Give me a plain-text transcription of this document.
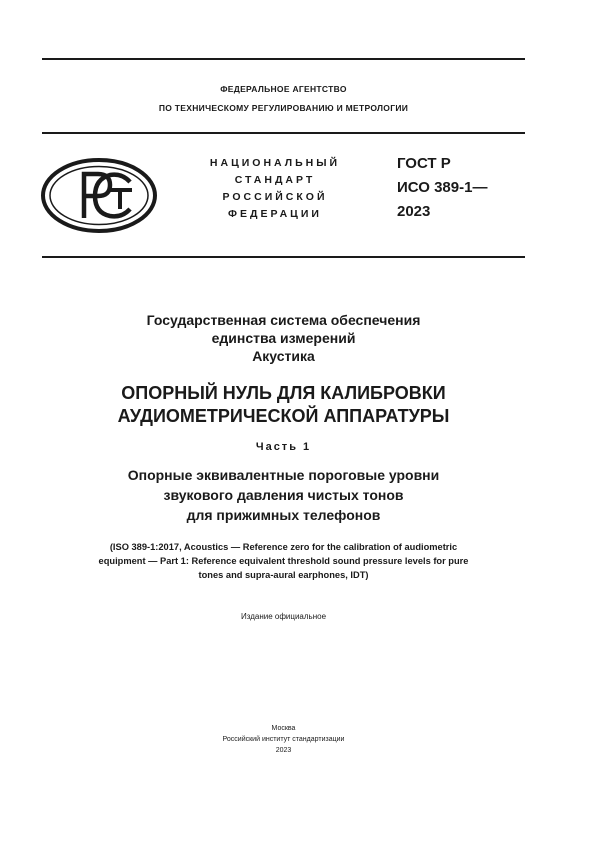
ФЕДЕРАЛЬНОЕ АГЕНТСТВО
ПО ТЕХНИЧЕСКОМУ РЕГУЛИРОВАНИЮ И МЕТРОЛОГИИ
НАЦИОНАЛЬНЫЙ
СТАНДАРТ
РОССИЙСКОЙ
ФЕДЕРАЦИИ
ГОСТ Р
ИСО 389-1—
2023
Государственная система обеспечения
единства измерений
Акустика
ОПОРНЫЙ НУЛЬ ДЛЯ КАЛИБРОВКИ
АУДИОМЕТРИЧЕСКОЙ АППАРАТУРЫ
Часть 1
Опорные эквивалентные пороговые уровни
звукового давления чистых тонов
для прижимных телефонов
(ISO 389-1:2017, Acoustics — Reference zero for the calibration of audiometric
equipment — Part 1: Reference equivalent threshold sound pressure levels for pure
tones and supra-aural earphones, IDT)
Издание официальное
Москва
Российский институт стандартизации
2023
